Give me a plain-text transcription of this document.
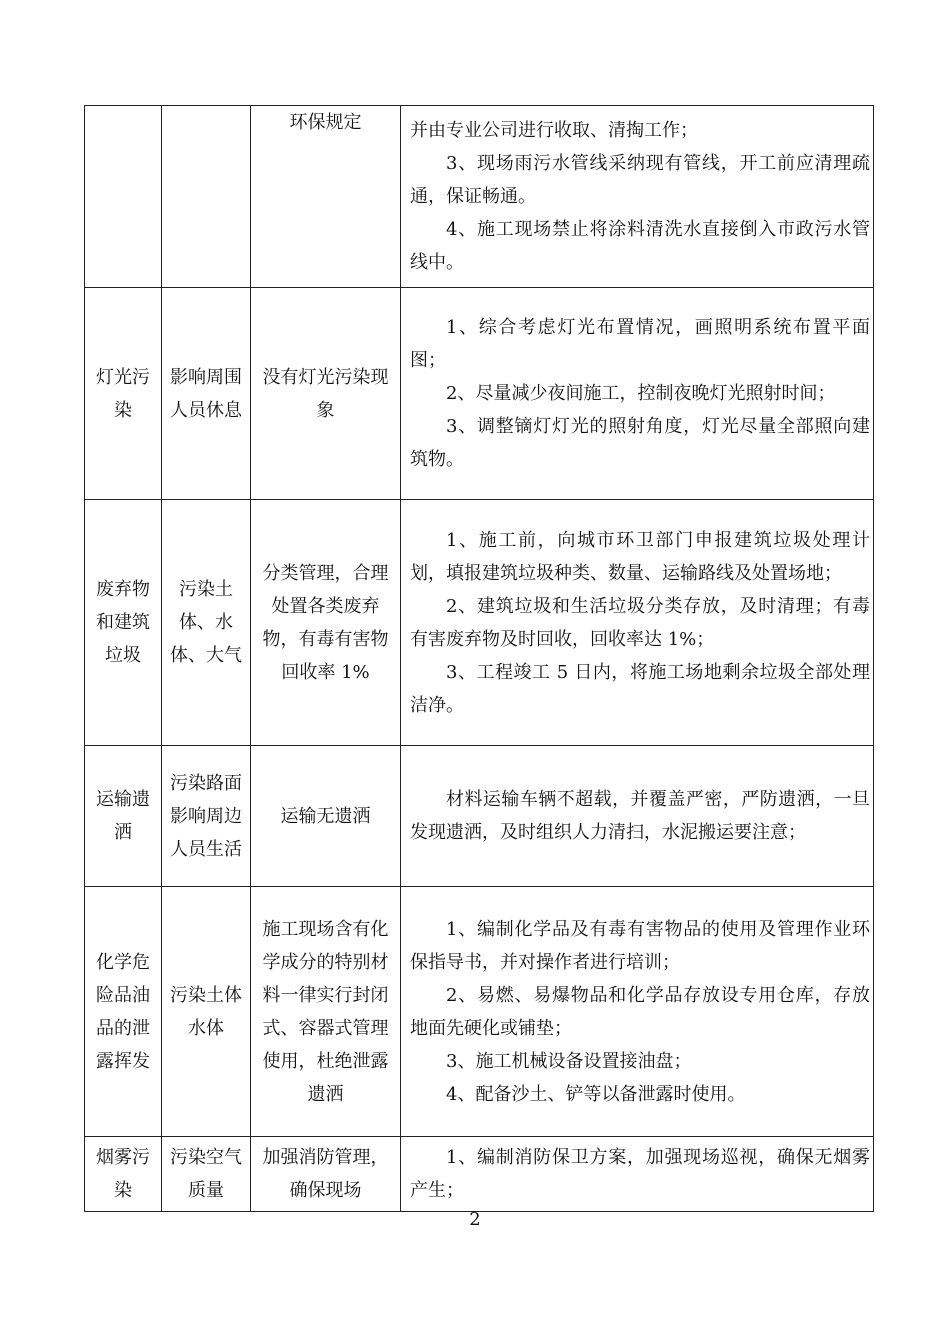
		环保规定	并由专业公司进行收取、清掏工作；
3、现场雨污水管线采纳现有管线，开工前应清理疏通，保证畅通。
4、施工现场禁止将涂料清洗水直接倒入市政污水管线中。

灯光污染	影响周围人员休息	没有灯光污染现象	1、综合考虑灯光布置情况，画照明系统布置平面图；
2、尽量减少夜间施工，控制夜晚灯光照射时间；
3、调整镝灯灯光的照射角度，灯光尽量全部照向建筑物。

废弃物和建筑垃圾	污染土体、水体、大气	分类管理，合理处置各类废弃物，有毒有害物回收率 1%	1、施工前，向城市环卫部门申报建筑垃圾处理计划，填报建筑垃圾种类、数量、运输路线及处置场地；
2、建筑垃圾和生活垃圾分类存放，及时清理；有毒有害废弃物及时回收，回收率达 1%；
3、工程竣工 5 日内，将施工场地剩余垃圾全部处理洁净。

运输遗洒	污染路面影响周边人员生活	运输无遗洒	材料运输车辆不超载，并覆盖严密，严防遗洒，一旦发现遗洒，及时组织人力清扫，水泥搬运要注意；

化学危险品油品的泄露挥发	污染土体水体	施工现场含有化学成分的特别材料一律实行封闭式、容器式管理使用，杜绝泄露遗洒	1、编制化学品及有毒有害物品的使用及管理作业环保指导书，并对操作者进行培训；
2、易燃、易爆物品和化学品存放设专用仓库，存放地面先硬化或铺垫；
3、施工机械设备设置接油盘；
4、配备沙土、铲等以备泄露时使用。

烟雾污染	污染空气质量	加强消防管理，确保现场	1、编制消防保卫方案，加强现场巡视，确保无烟雾产生；
2
